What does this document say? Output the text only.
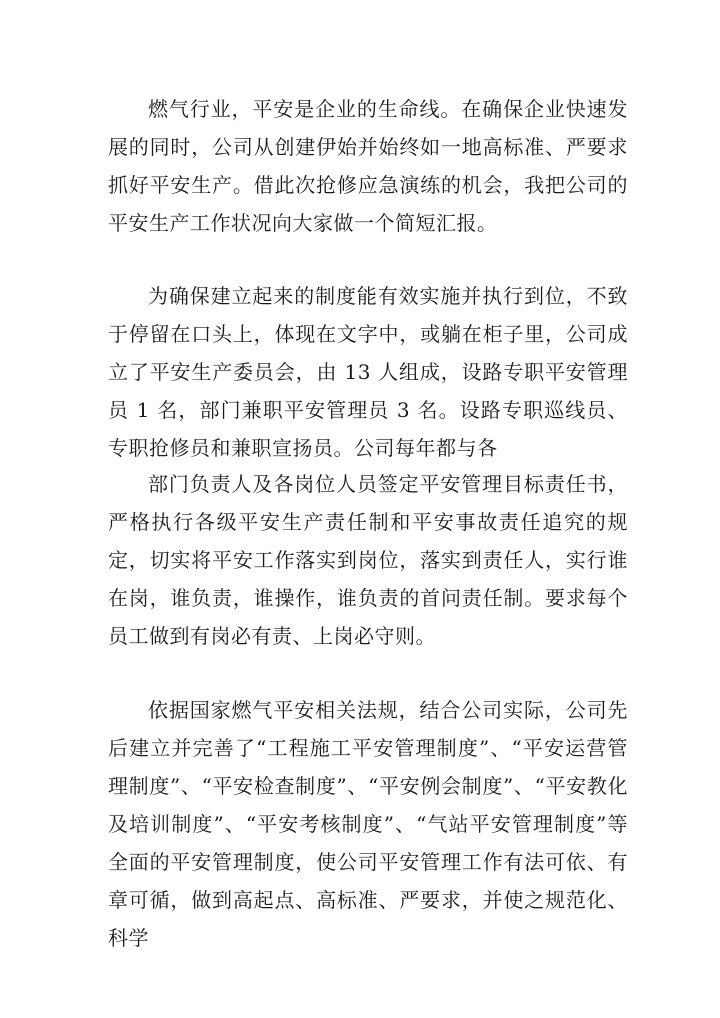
燃气行业，平安是企业的生命线。在确保企业快速发展的同时，公司从创建伊始并始终如一地高标准、严要求抓好平安生产。借此次抢修应急演练的机会，我把公司的平安生产工作状况向大家做一个简短汇报。

为确保建立起来的制度能有效实施并执行到位，不致于停留在口头上，体现在文字中，或躺在柜子里，公司成立了平安生产委员会，由 13 人组成，设路专职平安管理员 1 名，部门兼职平安管理员 3 名。设路专职巡线员、专职抢修员和兼职宣扬员。公司每年都与各

部门负责人及各岗位人员签定平安管理目标责任书，严格执行各级平安生产责任制和平安事故责任追究的规定，切实将平安工作落实到岗位，落实到责任人，实行谁在岗，谁负责，谁操作，谁负责的首问责任制。要求每个员工做到有岗必有责、上岗必守则。

依据国家燃气平安相关法规，结合公司实际，公司先后建立并完善了“工程施工平安管理制度”、“平安运营管理制度”、“平安检查制度”、“平安例会制度”、“平安教化及培训制度”、“平安考核制度”、“气站平安管理制度”等全面的平安管理制度，使公司平安管理工作有法可依、有章可循，做到高起点、高标准、严要求，并使之规范化、科学
